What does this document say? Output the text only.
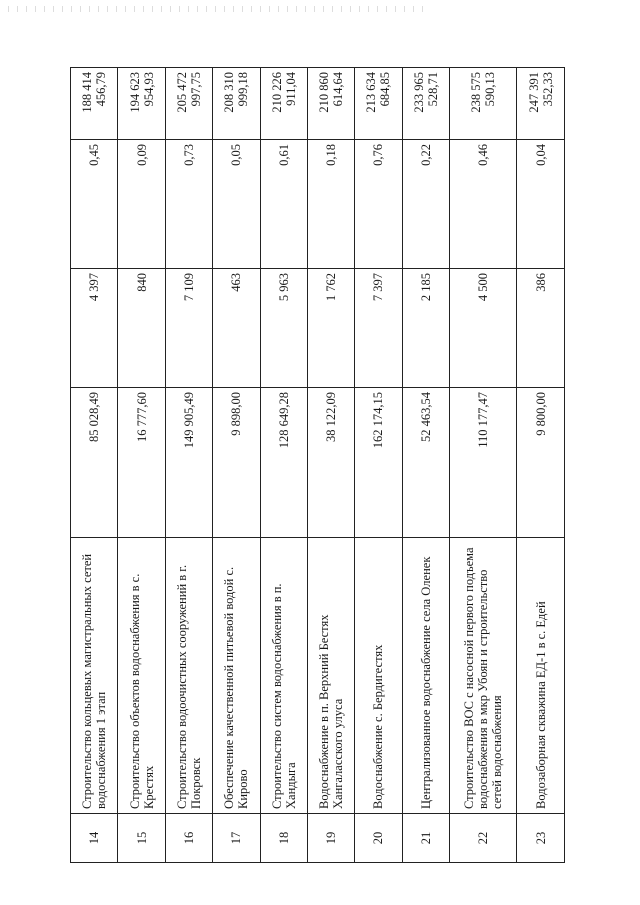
14	Строительство кольцевых магистральных сетей водоснабжения 1 этап	85 028,49	4 397	0,45	188 414 456,79
15	Строительство объектов водоснабжения в с. Крестях	16 777,60	840	0,09	194 623 954,93
16	Строительство водоочистных сооружений в г. Покровск	149 905,49	7 109	0,73	205 472 997,75
17	Обеспечение качественной питьевой водой с. Кирово	9 898,00	463	0,05	208 310 999,18
18	Строительство систем водоснабжения в п. Хандыга	128 649,28	5 963	0,61	210 226 911,04
19	Водоснабжение в п. Верхний Бестях Хангаласского улуса	38 122,09	1 762	0,18	210 860 614,64
20	Водоснабжение с. Бердигестях	162 174,15	7 397	0,76	213 634 684,85
21	Централизованное водоснабжение села Оленек	52 463,54	2 185	0,22	233 965 528,71
22	Строительство ВОС с насосной первого подъема водоснабжения в мкр Убоян и строительство сетей водоснабжения	110 177,47	4 500	0,46	238 575 590,13
23	Водозаборная скважина ЕД-1 в с. Едей	9 800,00	386	0,04	247 391 352,33
